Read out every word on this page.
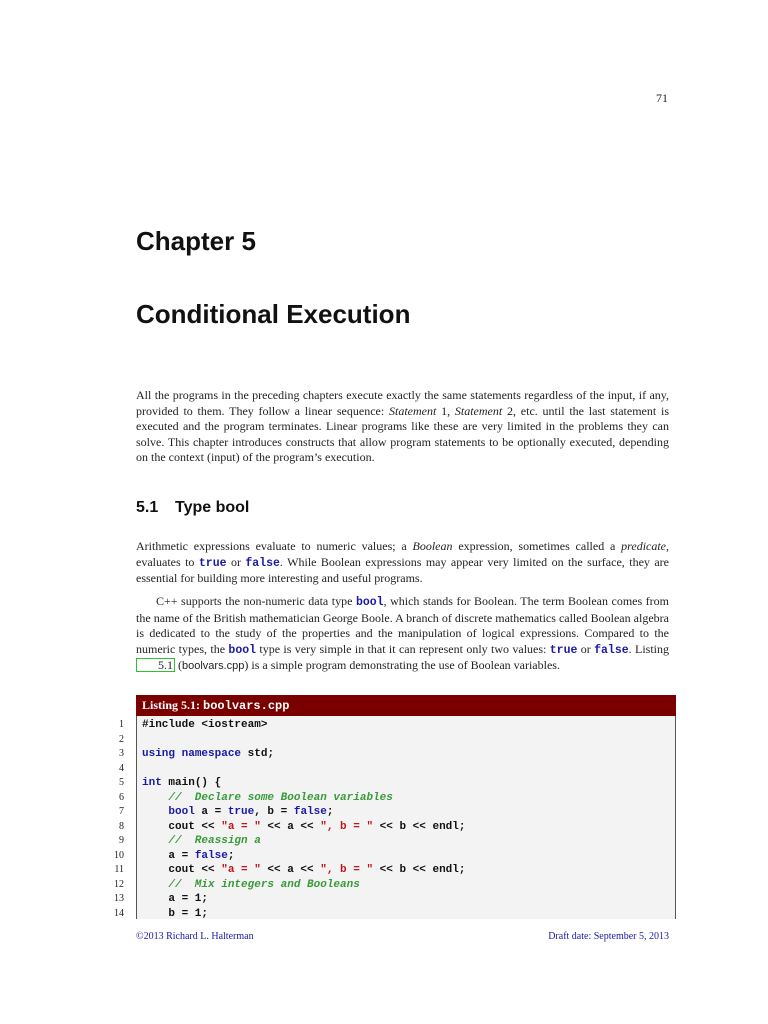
71
Chapter 5
Conditional Execution

All the programs in the preceding chapters execute exactly the same statements regardless of the input, if any, provided to them. They follow a linear sequence: Statement 1, Statement 2, etc. until the last statement is executed and the program terminates. Linear programs like these are very limited in the problems they can solve. This chapter introduces constructs that allow program statements to be optionally executed, depending on the context (input) of the program’s execution.

5.1 Type bool

Arithmetic expressions evaluate to numeric values; a Boolean expression, sometimes called a predicate, evaluates to true or false. While Boolean expressions may appear very limited on the surface, they are essential for building more interesting and useful programs.

C++ supports the non-numeric data type bool, which stands for Boolean. The term Boolean comes from the name of the British mathematician George Boole. A branch of discrete mathematics called Boolean algebra is dedicated to the study of the properties and the manipulation of logical expressions. Compared to the numeric types, the bool type is very simple in that it can represent only two values: true or false. Listing 5.1 (boolvars.cpp) is a simple program demonstrating the use of Boolean variables.

Listing 5.1: boolvars.cpp
1
2
3
4
5
6
7
8
9
10
11
12
13
14
#include <iostream>
using namespace std;
int main() {
//  Declare some Boolean variables
bool a = true, b = false;
cout << "a = " << a << ", b = " << b << endl;
//  Reassign a
a = false;
cout << "a = " << a << ", b = " << b << endl;
//  Mix integers and Booleans
a = 1;
b = 1;
©2013 Richard L. Halterman	Draft date: September 5, 2013
